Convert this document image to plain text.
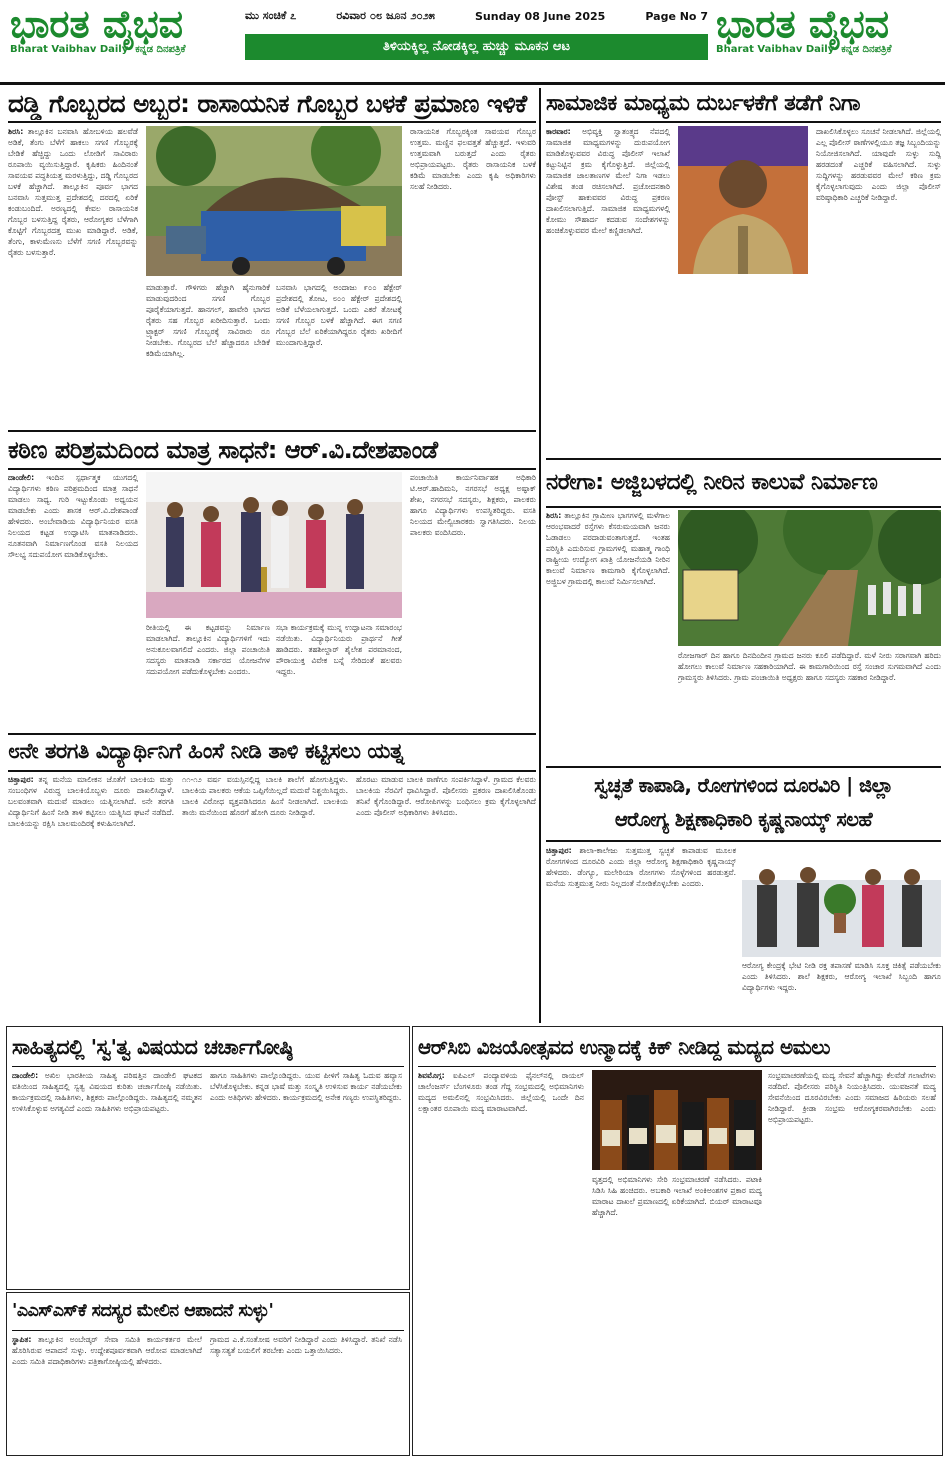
ಭಾರತ ವೈಭವ
Bharat Vaibhav Daily ಕನ್ನಡ ದಿನಪತ್ರಿಕೆ
ಭಾರತ ವೈಭವ
Bharat Vaibhav Daily ಕನ್ನಡ ದಿನಪತ್ರಿಕೆ
ಮು ಸಂಚಿಕೆ ೭	ರವಿವಾರ ೦೮ ಜೂನ ೨೦೨೫	Sunday 08 June 2025	Page No 7
ತಿಳಿಯಕ್ಕಿಲ್ಲ ನೋಡಕ್ಕಿಲ್ಲ ಹುಚ್ಚು ಮೂಕನ ಆಟ
ದಡ್ಡಿ ಗೊಬ್ಬರದ ಅಬ್ಬರ: ರಾಸಾಯನಿಕ ಗೊಬ್ಬರ ಬಳಕೆ ಪ್ರಮಾಣ ಇಳಿಕೆ

ಶಿರಸಿ: ತಾಲ್ಲೂಕಿನ ಬನವಾಸಿ ಹೋಬಳಿಯ ಹಲವೆಡೆ ಅಡಿಕೆ, ತೆಂಗು ಬೆಳೆಗೆ ಹಾಕಲು ಸಗಣಿ ಗೊಬ್ಬರಕ್ಕೆ ಬೇಡಿಕೆ ಹೆಚ್ಚಿದ್ದು ಒಂದು ಲೋಡಿಗೆ ಸಾವಿರಾರು ರೂಪಾಯಿ ವ್ಯಯಿಸುತ್ತಿದ್ದಾರೆ. ಕೃಷಿಕರು ಹಿಂದಿನಂತೆ ಸಾವಯವ ಪದ್ಧತಿಯತ್ತ ಮರಳುತ್ತಿದ್ದು, ದಡ್ಡಿ ಗೊಬ್ಬರದ ಬಳಕೆ ಹೆಚ್ಚಾಗಿದೆ. ತಾಲ್ಲೂಕಿನ ಪೂರ್ವ ಭಾಗದ ಬನವಾಸಿ ಸುತ್ತಮುತ್ತ ಪ್ರದೇಶದಲ್ಲಿ ದರದಲ್ಲಿ ಏರಿಕೆ ಕಂಡುಬಂದಿದೆ. ಅರಣ್ಯದಲ್ಲಿ ಕೇವಲ ರಾಸಾಯನಿಕ ಗೊಬ್ಬರ ಬಳಸುತ್ತಿದ್ದ ರೈತರು, ಆರೋಗ್ಯಕರ ಬೆಳೆಗಾಗಿ ಕೊಟ್ಟಿಗೆ ಗೊಬ್ಬರದತ್ತ ಮುಖ ಮಾಡಿದ್ದಾರೆ. ಅಡಿಕೆ, ತೆಂಗು, ಕಾಳುಮೆಣಸು ಬೆಳೆಗೆ ಸಗಣಿ ಗೊಬ್ಬರವನ್ನು ರೈತರು ಬಳಸುತ್ತಾರೆ.

ಮಾಡುತ್ತಾರೆ. ಗೌಳಿಗರು ಹೆಚ್ಚಾಗಿ ಹೈನುಗಾರಿಕೆ ಮಾಡುವುದರಿಂದ ಸಗಣಿ ಗೊಬ್ಬರ ಪೂರೈಕೆಯಾಗುತ್ತದೆ. ಹಾನಗಲ್, ಹಾವೇರಿ ಭಾಗದ ರೈತರು ಸಹ ಗೊಬ್ಬರ ಖರೀದಿಸುತ್ತಾರೆ. ಒಂದು ಟ್ರ್ಯಾಕ್ಟರ್ ಸಗಣಿ ಗೊಬ್ಬರಕ್ಕೆ ಸಾವಿರಾರು ರೂ ನೀಡಬೇಕು. ಗೊಬ್ಬರದ ಬೆಲೆ ಹೆಚ್ಚಾದರೂ ಬೇಡಿಕೆ ಕಡಿಮೆಯಾಗಿಲ್ಲ.
ಬನವಾಸಿ ಭಾಗದಲ್ಲಿ ಅಂದಾಜು ೯೦೦ ಹೆಕ್ಟೇರ್ ಪ್ರದೇಶದಲ್ಲಿ ತೋಟ, ೮೦೦ ಹೆಕ್ಟೇರ್‌ ಪ್ರದೇಶದಲ್ಲಿ ಅಡಿಕೆ ಬೆಳೆಯಲಾಗುತ್ತದೆ. ಒಂದು ಎಕರೆ ತೋಟಕ್ಕೆ ಸಗಣಿ ಗೊಬ್ಬರ ಬಳಕೆ ಹೆಚ್ಚಾಗಿದೆ. ಈಗ ಸಗಣಿ ಗೊಬ್ಬರ ಬೆಲೆ ಏರಿಕೆಯಾಗಿದ್ದರೂ ರೈತರು ಖರೀದಿಗೆ ಮುಂದಾಗುತ್ತಿದ್ದಾರೆ.
ರಾಸಾಯನಿಕ ಗೊಬ್ಬರಕ್ಕಿಂತ ಸಾವಯವ ಗೊಬ್ಬರ ಉತ್ತಮ. ಮಣ್ಣಿನ ಫಲವತ್ತತೆ ಹೆಚ್ಚುತ್ತದೆ. ಇಳುವರಿ ಉತ್ತಮವಾಗಿ ಬರುತ್ತದೆ ಎಂದು ರೈತರು ಅಭಿಪ್ರಾಯಪಟ್ಟರು. ರೈತರು ರಾಸಾಯನಿಕ ಬಳಕೆ ಕಡಿಮೆ ಮಾಡಬೇಕು ಎಂದು ಕೃಷಿ ಅಧಿಕಾರಿಗಳು ಸಲಹೆ ನೀಡಿದರು.
ಸಾಮಾಜಿಕ ಮಾಧ್ಯಮ ದುರ್ಬಳಕೆಗೆ ತಡೆಗೆ ನಿಗಾ

ಕಾರವಾರ: ಅಭಿವ್ಯಕ್ತಿ ಸ್ವಾತಂತ್ರ್ಯದ ನೆಪದಲ್ಲಿ ಸಾಮಾಜಿಕ ಮಾಧ್ಯಮಗಳನ್ನು ದುರುಪಯೋಗ ಮಾಡಿಕೊಳ್ಳುವವರ ವಿರುದ್ಧ ಪೊಲೀಸ್ ಇಲಾಖೆ ಕಟ್ಟುನಿಟ್ಟಿನ ಕ್ರಮ ಕೈಗೊಳ್ಳುತ್ತಿದೆ. ಜಿಲ್ಲೆಯಲ್ಲಿ ಸಾಮಾಜಿಕ ಜಾಲತಾಣಗಳ ಮೇಲೆ ನಿಗಾ ಇಡಲು ವಿಶೇಷ ತಂಡ ರಚಿಸಲಾಗಿದೆ. ಪ್ರಚೋದನಕಾರಿ ಪೋಸ್ಟ್ ಹಾಕುವವರ ವಿರುದ್ಧ ಪ್ರಕರಣ ದಾಖಲಿಸಲಾಗುತ್ತಿದೆ. ಸಾಮಾಜಿಕ ಮಾಧ್ಯಮಗಳಲ್ಲಿ ಕೋಮು ಸೌಹಾರ್ದ ಕದಡುವ ಸಂದೇಶಗಳನ್ನು ಹಂಚಿಕೊಳ್ಳುವವರ ಮೇಲೆ ಕಣ್ಣಿಡಲಾಗಿದೆ.

ದಾಖಲಿಸಿಕೊಳ್ಳಲು ಸೂಚನೆ ನೀಡಲಾಗಿದೆ. ಜಿಲ್ಲೆಯಲ್ಲಿ ಎಲ್ಲ ಪೊಲೀಸ್ ಠಾಣೆಗಳಲ್ಲಿಯೂ ತಜ್ಞ ಸಿಬ್ಬಂದಿಯನ್ನು ನಿಯೋಜಿಸಲಾಗಿದೆ. ಯಾವುದೇ ಸುಳ್ಳು ಸುದ್ದಿ ಹರಡದಂತೆ ಎಚ್ಚರಿಕೆ ವಹಿಸಲಾಗಿದೆ. ಸುಳ್ಳು ಸುದ್ದಿಗಳನ್ನು ಹರಡುವವರ ಮೇಲೆ ಕಠಿಣ ಕ್ರಮ ಕೈಗೊಳ್ಳಲಾಗುವುದು ಎಂದು ಜಿಲ್ಲಾ ಪೊಲೀಸ್ ವರಿಷ್ಠಾಧಿಕಾರಿ ಎಚ್ಚರಿಕೆ ನೀಡಿದ್ದಾರೆ.
ಕಠಿಣ ಪರಿಶ್ರಮದಿಂದ ಮಾತ್ರ ಸಾಧನೆ: ಆರ್.ವಿ.ದೇಶಪಾಂಡೆ

ದಾಂಡೇಲಿ: ಇಂದಿನ ಸ್ಪರ್ಧಾತ್ಮಕ ಯುಗದಲ್ಲಿ ವಿದ್ಯಾರ್ಥಿಗಳು ಕಠಿಣ ಪರಿಶ್ರಮದಿಂದ ಮಾತ್ರ ಸಾಧನೆ ಮಾಡಲು ಸಾಧ್ಯ. ಗುರಿ ಇಟ್ಟುಕೊಂಡು ಅಧ್ಯಯನ ಮಾಡಬೇಕು ಎಂದು ಶಾಸಕ ಆರ್.ವಿ.ದೇಶಪಾಂಡೆ ಹೇಳಿದರು. ಅಂಬೇವಾಡಿಯ ವಿದ್ಯಾರ್ಥಿನಿಯರ ವಸತಿ ನಿಲಯದ ಕಟ್ಟಡ ಉದ್ಘಾಟಿಸಿ ಮಾತನಾಡಿದರು. ನೂತನವಾಗಿ ನಿರ್ಮಾಣಗೊಂಡ ವಸತಿ ನಿಲಯದ ಸೌಲಭ್ಯ ಸದುಪಯೋಗ ಮಾಡಿಕೊಳ್ಳಬೇಕು.

ಪಂಚಾಯಿತಿ ಕಾರ್ಯನಿರ್ವಾಹಕ ಅಧಿಕಾರಿ ಟಿ.ಆರ್.ಹಾದಿಮನಿ, ನಗರಸಭೆ ಅಧ್ಯಕ್ಷ ಅಷ್ಫಾಕ್ ಶೇಖ, ನಗರಸಭೆ ಸದಸ್ಯರು, ಶಿಕ್ಷಕರು, ಪಾಲಕರು ಹಾಗೂ ವಿದ್ಯಾರ್ಥಿಗಳು ಉಪಸ್ಥಿತರಿದ್ದರು. ವಸತಿ ನಿಲಯದ ಮೇಲ್ವಿಚಾರಕರು ಸ್ವಾಗತಿಸಿದರು. ನಿಲಯ ಪಾಲಕರು ವಂದಿಸಿದರು.
ರೀತಿಯಲ್ಲಿ ಈ ಕಟ್ಟಡವನ್ನು ನಿರ್ಮಾಣ ಮಾಡಲಾಗಿದೆ. ತಾಲ್ಲೂಕಿನ ವಿದ್ಯಾರ್ಥಿಗಳಿಗೆ ಇದು ಅನುಕೂಲವಾಗಲಿದೆ ಎಂದರು. ಜಿಲ್ಲಾ ಪಂಚಾಯಿತಿ ಸದಸ್ಯರು ಮಾತನಾಡಿ ಸರ್ಕಾರದ ಯೋಜನೆಗಳ ಸದುಪಯೋಗ ಪಡೆದುಕೊಳ್ಳಬೇಕು ಎಂದರು.
ಸಭಾ ಕಾರ್ಯಕ್ರಮಕ್ಕೆ ಮುನ್ನ ಉದ್ಘಾಟನಾ ಸಮಾರಂಭ ನಡೆಯಿತು. ವಿದ್ಯಾರ್ಥಿನಿಯರು ಪ್ರಾರ್ಥನೆ ಗೀತೆ ಹಾಡಿದರು. ತಹಶೀಲ್ದಾರ್ ಶೈಲೇಶ ಪರಮಾನಂದ, ಪೌರಾಯುಕ್ತ ವಿವೇಕ ಬನ್ನೆ ಸೇರಿದಂತೆ ಹಲವರು ಇದ್ದರು.
ನರೇಗಾ: ಅಜ್ಜಿಬಳದಲ್ಲಿ ನೀರಿನ ಕಾಲುವೆ ನಿರ್ಮಾಣ

ಶಿರಸಿ: ತಾಲ್ಲೂಕಿನ ಗ್ರಾಮೀಣ ಭಾಗಗಳಲ್ಲಿ ಮಳೆಗಾಲ ಆರಂಭವಾದರೆ ರಸ್ತೆಗಳು ಕೆಸರುಮಯವಾಗಿ ಜನರು ಓಡಾಡಲು ಪರದಾಡುವಂತಾಗುತ್ತದೆ. ಇಂತಹ ಪರಿಸ್ಥಿತಿ ಎದುರಿಸುವ ಗ್ರಾಮಗಳಲ್ಲಿ ಮಹಾತ್ಮ ಗಾಂಧಿ ರಾಷ್ಟ್ರೀಯ ಉದ್ಯೋಗ ಖಾತ್ರಿ ಯೋಜನೆಯಡಿ ನೀರಿನ ಕಾಲುವೆ ನಿರ್ಮಾಣ ಕಾಮಗಾರಿ ಕೈಗೊಳ್ಳಲಾಗಿದೆ. ಅಜ್ಜಿಬಳ ಗ್ರಾಮದಲ್ಲಿ ಕಾಲುವೆ ನಿರ್ಮಿಸಲಾಗಿದೆ.

ರೋಜಗಾರ್ ದಿನ ಹಾಗೂ ದಿನದಿಂದೀನ ಗ್ರಾಮದ ಜನರು ಕೂಲಿ ಪಡೆದಿದ್ದಾರೆ. ಮಳೆ ನೀರು ಸರಾಗವಾಗಿ ಹರಿದು ಹೋಗಲು ಕಾಲುವೆ ನಿರ್ಮಾಣ ಸಹಕಾರಿಯಾಗಿದೆ. ಈ ಕಾಮಗಾರಿಯಿಂದ ರಸ್ತೆ ಸಂಚಾರ ಸುಗಮವಾಗಿದೆ ಎಂದು ಗ್ರಾಮಸ್ಥರು ತಿಳಿಸಿದರು. ಗ್ರಾಮ ಪಂಚಾಯಿತಿ ಅಧ್ಯಕ್ಷರು ಹಾಗೂ ಸದಸ್ಯರು ಸಹಕಾರ ನೀಡಿದ್ದಾರೆ.
೮ನೇ ತರಗತಿ ವಿದ್ಯಾರ್ಥಿನಿಗೆ ಹಿಂಸೆ ನೀಡಿ ತಾಳಿ ಕಟ್ಟಿಸಲು ಯತ್ನ

ಚಿತ್ತಾಪುರ: ತನ್ನ ಮನೆಯ ಮಾಲೀಕನ ಜೊತೆಗೆ ಬಾಲಕಿಯ ಮತ್ತು ಸಂಬಂಧಿಗಳ ವಿರುದ್ಧ ಬಾಲಕಿಯೊಬ್ಬಳು ದೂರು ದಾಖಲಿಸಿದ್ದಾಳೆ. ಬಲವಂತವಾಗಿ ಮದುವೆ ಮಾಡಲು ಯತ್ನಿಸಲಾಗಿದೆ. ೮ನೇ ತರಗತಿ ವಿದ್ಯಾರ್ಥಿನಿಗೆ ಹಿಂಸೆ ನೀಡಿ ತಾಳಿ ಕಟ್ಟಿಸಲು ಯತ್ನಿಸಿದ ಘಟನೆ ನಡೆದಿದೆ. ಬಾಲಕಿಯನ್ನು ರಕ್ಷಿಸಿ ಬಾಲಮಂದಿರಕ್ಕೆ ಕಳುಹಿಸಲಾಗಿದೆ.

೧೧-೧೨ ವರ್ಷ ವಯಸ್ಸಿನಲ್ಲಿದ್ದ ಬಾಲಕಿ ಶಾಲೆಗೆ ಹೋಗುತ್ತಿದ್ದಳು. ಬಾಲಕಿಯ ಪಾಲಕರು ಆಕೆಯ ಒಪ್ಪಿಗೆಯಿಲ್ಲದೆ ಮದುವೆ ನಿಶ್ಚಯಿಸಿದ್ದರು. ಬಾಲಕಿ ವಿರೋಧ ವ್ಯಕ್ತಪಡಿಸಿದರೂ ಹಿಂಸೆ ನೀಡಲಾಗಿದೆ. ಬಾಲಕಿಯ ತಾಯಿ ಮನೆಯಿಂದ ಹೊರಗೆ ಹೋಗಿ ದೂರು ನೀಡಿದ್ದಾರೆ.
ಹೊರಟು ಮಾಡುವ ಬಾಲಕಿ ಠಾಣೆಗೂ ಸಂಪರ್ಕಿಸಿದ್ದಾಳೆ. ಗ್ರಾಮದ ಕೆಲವರು ಬಾಲಕಿಯ ನೆರವಿಗೆ ಧಾವಿಸಿದ್ದಾರೆ. ಪೊಲೀಸರು ಪ್ರಕರಣ ದಾಖಲಿಸಿಕೊಂಡು ತನಿಖೆ ಕೈಗೊಂಡಿದ್ದಾರೆ. ಆರೋಪಿಗಳನ್ನು ಬಂಧಿಸಲು ಕ್ರಮ ಕೈಗೊಳ್ಳಲಾಗಿದೆ ಎಂದು ಪೊಲೀಸ್ ಅಧಿಕಾರಿಗಳು ತಿಳಿಸಿದರು.
ಸ್ವಚ್ಛತೆ ಕಾಪಾಡಿ, ರೋಗಗಳಿಂದ ದೂರವಿರಿ | ಜಿಲ್ಲಾ
ಆರೋಗ್ಯ ಶಿಕ್ಷಣಾಧಿಕಾರಿ ಕೃಷ್ಣನಾಯ್ಕ್ ಸಲಹೆ

ಚಿತ್ತಾಪುರ: ಶಾಲಾ-ಕಾಲೇಜು ಸುತ್ತಮುತ್ತ ಸ್ವಚ್ಛತೆ ಕಾಪಾಡುವ ಮೂಲಕ ರೋಗಗಳಿಂದ ದೂರವಿರಿ ಎಂದು ಜಿಲ್ಲಾ ಆರೋಗ್ಯ ಶಿಕ್ಷಣಾಧಿಕಾರಿ ಕೃಷ್ಣನಾಯ್ಕ್ ಹೇಳಿದರು. ಡೆಂಗ್ಯೂ, ಮಲೇರಿಯಾ ರೋಗಗಳು ಸೊಳ್ಳೆಗಳಿಂದ ಹರಡುತ್ತವೆ. ಮನೆಯ ಸುತ್ತಮುತ್ತ ನೀರು ನಿಲ್ಲದಂತೆ ನೋಡಿಕೊಳ್ಳಬೇಕು ಎಂದರು.

ಆರೋಗ್ಯ ಕೇಂದ್ರಕ್ಕೆ ಭೇಟಿ ನೀಡಿ ರಕ್ತ ತಪಾಸಣೆ ಮಾಡಿಸಿ ಸೂಕ್ತ ಚಿಕಿತ್ಸೆ ಪಡೆಯಬೇಕು ಎಂದು ತಿಳಿಸಿದರು. ಶಾಲೆ ಶಿಕ್ಷಕರು, ಆರೋಗ್ಯ ಇಲಾಖೆ ಸಿಬ್ಬಂದಿ ಹಾಗೂ ವಿದ್ಯಾರ್ಥಿಗಳು ಇದ್ದರು.
ಸಾಹಿತ್ಯದಲ್ಲಿ 'ಸ್ವ'ತ್ವ ವಿಷಯದ ಚರ್ಚಾಗೋಷ್ಠಿ

ದಾಂಡೇಲಿ: ಅಖಿಲ ಭಾರತೀಯ ಸಾಹಿತ್ಯ ಪರಿಷತ್ತಿನ ದಾಂಡೇಲಿ ಘಟಕದ ವತಿಯಿಂದ ಸಾಹಿತ್ಯದಲ್ಲಿ ಸ್ವತ್ವ ವಿಷಯದ ಕುರಿತು ಚರ್ಚಾಗೋಷ್ಠಿ ನಡೆಯಿತು. ಕಾರ್ಯಕ್ರಮದಲ್ಲಿ ಸಾಹಿತಿಗಳು, ಶಿಕ್ಷಕರು ಪಾಲ್ಗೊಂಡಿದ್ದರು. ಸಾಹಿತ್ಯದಲ್ಲಿ ನಮ್ಮತನ ಉಳಿಸಿಕೊಳ್ಳುವ ಅಗತ್ಯವಿದೆ ಎಂದು ಸಾಹಿತಿಗಳು ಅಭಿಪ್ರಾಯಪಟ್ಟರು.

ಹಾಗೂ ಸಾಹಿತಿಗಳು ಪಾಲ್ಗೊಂಡಿದ್ದರು. ಯುವ ಪೀಳಿಗೆ ಸಾಹಿತ್ಯ ಓದುವ ಹವ್ಯಾಸ ಬೆಳೆಸಿಕೊಳ್ಳಬೇಕು. ಕನ್ನಡ ಭಾಷೆ ಮತ್ತು ಸಂಸ್ಕೃತಿ ಉಳಿಸುವ ಕಾರ್ಯ ನಡೆಯಬೇಕು ಎಂದು ಅತಿಥಿಗಳು ಹೇಳಿದರು. ಕಾರ್ಯಕ್ರಮದಲ್ಲಿ ಅನೇಕ ಗಣ್ಯರು ಉಪಸ್ಥಿತರಿದ್ದರು.
'ಎಎಸ್‌ಎಸ್‌ಕೆ ಸದಸ್ಯರ ಮೇಲಿನ ಆಪಾದನೆ ಸುಳ್ಳು'

ಸ್ಥಾಪಿತ: ತಾಲ್ಲೂಕಿನ ಅಂಬೇಡ್ಕರ್ ಸೇವಾ ಸಮಿತಿ ಕಾರ್ಯಕರ್ತರ ಮೇಲೆ ಹೊರಿಸಿರುವ ಆಪಾದನೆ ಸುಳ್ಳು. ಉದ್ದೇಶಪೂರ್ವಕವಾಗಿ ಆರೋಪ ಮಾಡಲಾಗಿದೆ ಎಂದು ಸಮಿತಿ ಪದಾಧಿಕಾರಿಗಳು ಪತ್ರಿಕಾಗೋಷ್ಠಿಯಲ್ಲಿ ಹೇಳಿದರು.

ಗ್ರಾಮದ ಎ.ಕೆ.ಸಂತೋಷ ಅವರಿಗೆ ನೀಡಿದ್ದಾರೆ ಎಂದು ತಿಳಿಸಿದ್ದಾರೆ. ತನಿಖೆ ನಡೆಸಿ ಸತ್ಯಾಸತ್ಯತೆ ಬಯಲಿಗೆ ತರಬೇಕು ಎಂದು ಒತ್ತಾಯಿಸಿದರು.
ಆರ್‌ಸಿಬಿ ವಿಜಯೋತ್ಸವದ ಉನ್ಮಾದಕ್ಕೆ ಕಿಕ್ ನೀಡಿದ್ದ ಮದ್ಯದ ಅಮಲು

ಶಿವಮೊಗ್ಗ: ಐಪಿಎಲ್ ಪಂದ್ಯಾವಳಿಯ ಫೈನಲ್‌ನಲ್ಲಿ ರಾಯಲ್ ಚಾಲೆಂಜರ್ಸ್ ಬೆಂಗಳೂರು ತಂಡ ಗೆದ್ದ ಸಂಭ್ರಮದಲ್ಲಿ ಅಭಿಮಾನಿಗಳು ಮದ್ಯದ ಅಮಲಿನಲ್ಲಿ ಸಂಭ್ರಮಿಸಿದರು. ಜಿಲ್ಲೆಯಲ್ಲಿ ಒಂದೇ ದಿನ ಲಕ್ಷಾಂತರ ರೂಪಾಯಿ ಮದ್ಯ ಮಾರಾಟವಾಗಿದೆ.

ವೃತ್ತದಲ್ಲಿ ಅಭಿಮಾನಿಗಳು ಸೇರಿ ಸಂಭ್ರಮಾಚರಣೆ ನಡೆಸಿದರು. ಪಟಾಕಿ ಸಿಡಿಸಿ ಸಿಹಿ ಹಂಚಿದರು. ಅಬಕಾರಿ ಇಲಾಖೆ ಅಂಕಿಅಂಶಗಳ ಪ್ರಕಾರ ಮದ್ಯ ಮಾರಾಟ ದಾಖಲೆ ಪ್ರಮಾಣದಲ್ಲಿ ಏರಿಕೆಯಾಗಿದೆ. ಬಿಯರ್ ಮಾರಾಟವೂ ಹೆಚ್ಚಾಗಿದೆ.
ಸಂಭ್ರಮಾಚರಣೆಯಲ್ಲಿ ಮದ್ಯ ಸೇವನೆ ಹೆಚ್ಚಾಗಿದ್ದು ಕೆಲವೆಡೆ ಗಲಾಟೆಗಳು ನಡೆದಿವೆ. ಪೊಲೀಸರು ಪರಿಸ್ಥಿತಿ ನಿಯಂತ್ರಿಸಿದರು. ಯುವಜನತೆ ಮದ್ಯ ಸೇವನೆಯಿಂದ ದೂರವಿರಬೇಕು ಎಂದು ಸಮಾಜದ ಹಿರಿಯರು ಸಲಹೆ ನೀಡಿದ್ದಾರೆ. ಕ್ರೀಡಾ ಸಂಭ್ರಮ ಆರೋಗ್ಯಕರವಾಗಿರಬೇಕು ಎಂದು ಅಭಿಪ್ರಾಯಪಟ್ಟರು.
